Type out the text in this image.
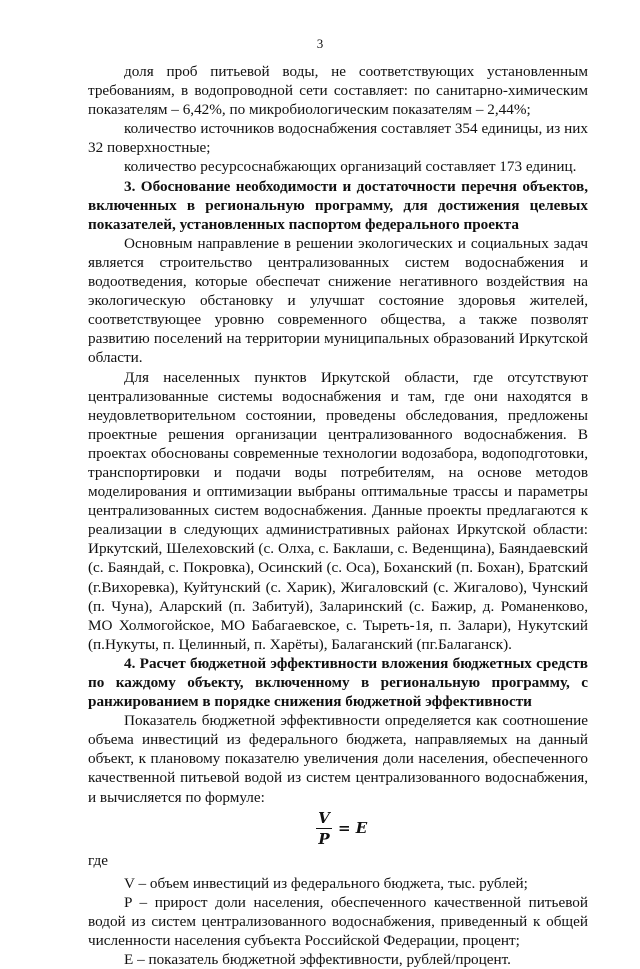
3

доля проб питьевой воды, не соответствующих установленным требованиям, в водопроводной сети составляет: по санитарно-химическим показателям – 6,42%, по микробиологическим показателям – 2,44%;

количество источников водоснабжения составляет 354 единицы, из них 32 поверхностные;

количество ресурсоснабжающих организаций составляет 173 единиц.

3. Обоснование необходимости и достаточности перечня объектов, включенных в региональную программу, для достижения целевых показателей, установленных паспортом федерального проекта

Основным направление в решении экологических и социальных задач является строительство централизованных систем водоснабжения и водоотведения, которые обеспечат снижение негативного воздействия на экологическую обстановку и улучшат состояние здоровья жителей, соответствующее уровню современного общества, а также позволят развитию поселений на территории муниципальных образований Иркутской области.

Для населенных пунктов Иркутской области, где отсутствуют централизованные системы водоснабжения и там, где они находятся в неудовлетворительном состоянии, проведены обследования, предложены проектные решения организации централизованного водоснабжения. В проектах обоснованы современные технологии водозабора, водоподготовки, транспортировки и подачи воды потребителям, на основе методов моделирования и оптимизации выбраны оптимальные трассы и параметры централизованных систем водоснабжения. Данные проекты предлагаются к реализации в следующих административных районах Иркутской области: Иркутский, Шелеховский (с. Олха, с. Баклаши, с. Веденщина), Баяндаевский (с. Баяндай, с. Покровка), Осинский (с. Оса), Боханский (п. Бохан), Братский (г.Вихоревка), Куйтунский (с. Харик), Жигаловский (с. Жигалово), Чунский (п. Чуна), Аларский (п. Забитуй), Заларинский (с. Бажир, д. Романенково, МО Холмогойское, МО Бабагаевское, с. Тыреть-1я, п. Залари), Нукутский (п.Нукуты, п. Целинный, п. Харёты), Балаганский (пг.Балаганск).

4. Расчет бюджетной эффективности вложения бюджетных средств по каждому объекту, включенному в региональную программу, с ранжированием в порядке снижения бюджетной эффективности

Показатель бюджетной эффективности определяется как соотношение объема инвестиций из федерального бюджета, направляемых на данный объект, к плановому показателю увеличения доли населения, обеспеченного качественной питьевой водой из систем централизованного водоснабжения, и вычисляется по формуле:

V
P
= E

где

V – объем инвестиций из федерального бюджета, тыс. рублей;

P – прирост доли населения, обеспеченного качественной питьевой водой из систем централизованного водоснабжения, приведенный к общей численности населения субъекта Российской Федерации, процент;

E – показатель бюджетной эффективности, рублей/процент.
